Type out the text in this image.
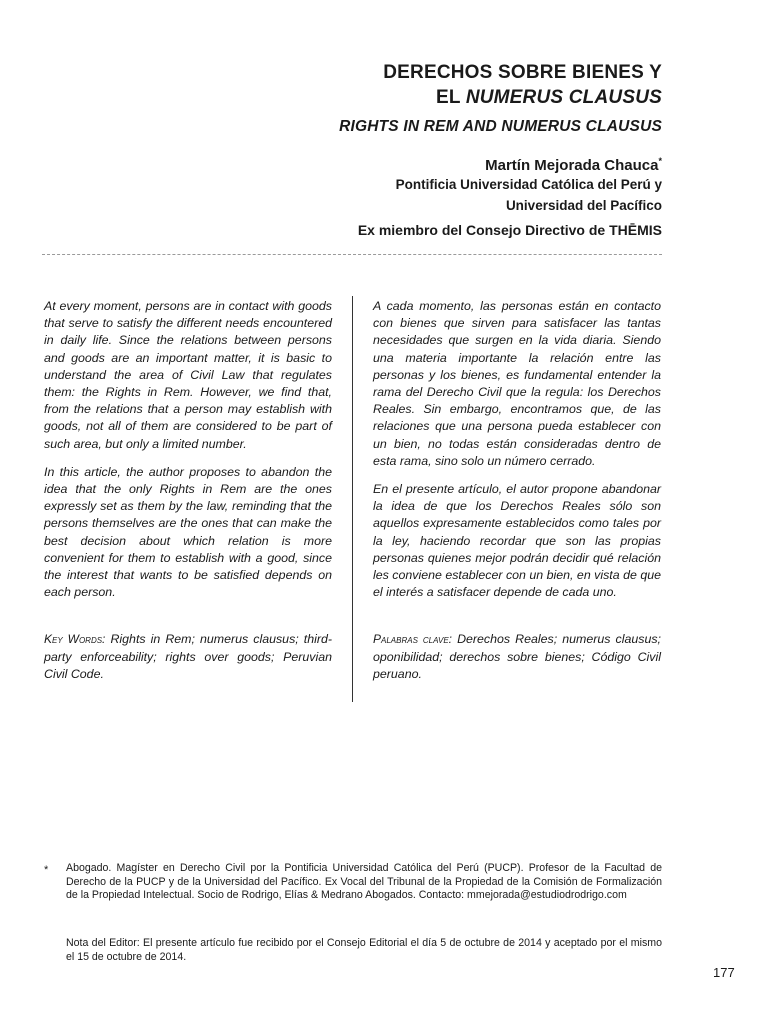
DERECHOS SOBRE BIENES Y
EL NUMERUS CLAUSUS
RIGHTS IN REM AND NUMERUS CLAUSUS
Martín Mejorada Chauca*
Pontificia Universidad Católica del Perú y
Universidad del Pacífico
Ex miembro del Consejo Directivo de THĒMIS

At every moment, persons are in contact with goods that serve to satisfy the different needs encountered in daily life. Since the relations between persons and goods are an important matter, it is basic to understand the area of Civil Law that regulates them: the Rights in Rem. However, we find that, from the relations that a person may establish with goods, not all of them are considered to be part of such area, but only a limited number.

In this article, the author proposes to abandon the idea that the only Rights in Rem are the ones expressly set as them by the law, reminding that the persons themselves are the ones that can make the best decision about which relation is more convenient for them to establish with a good, since the interest that wants to be satisfied depends on each person.

Key Words: Rights in Rem; numerus clausus; third-party enforceability; rights over goods; Peruvian Civil Code.

A cada momento, las personas están en contacto con bienes que sirven para satisfacer las tantas necesidades que surgen en la vida diaria. Siendo una materia importante la relación entre las personas y los bienes, es fundamental entender la rama del Derecho Civil que la regula: los Derechos Reales. Sin embargo, encontramos que, de las relaciones que una persona pueda establecer con un bien, no todas están consideradas dentro de esta rama, sino solo un número cerrado.

En el presente artículo, el autor propone abandonar la idea de que los Derechos Reales sólo son aquellos expresamente establecidos como tales por la ley, haciendo recordar que son las propias personas quienes mejor podrán decidir qué relación les conviene establecer con un bien, en vista de que el interés a satisfacer depende de cada uno.

Palabras clave: Derechos Reales; numerus clausus; oponibilidad; derechos sobre bienes; Código Civil peruano.

* Abogado. Magíster en Derecho Civil por la Pontificia Universidad Católica del Perú (PUCP). Profesor de la Facultad de Derecho de la PUCP y de la Universidad del Pacífico. Ex Vocal del Tribunal de la Propiedad de la Comisión de Formalización de la Propiedad Intelectual. Socio de Rodrigo, Elías & Medrano Abogados. Contacto: mmejorada@estudiodrodrigo.com
Nota del Editor: El presente artículo fue recibido por el Consejo Editorial el día 5 de octubre de 2014 y aceptado por el mismo el 15 de octubre de 2014.
177
